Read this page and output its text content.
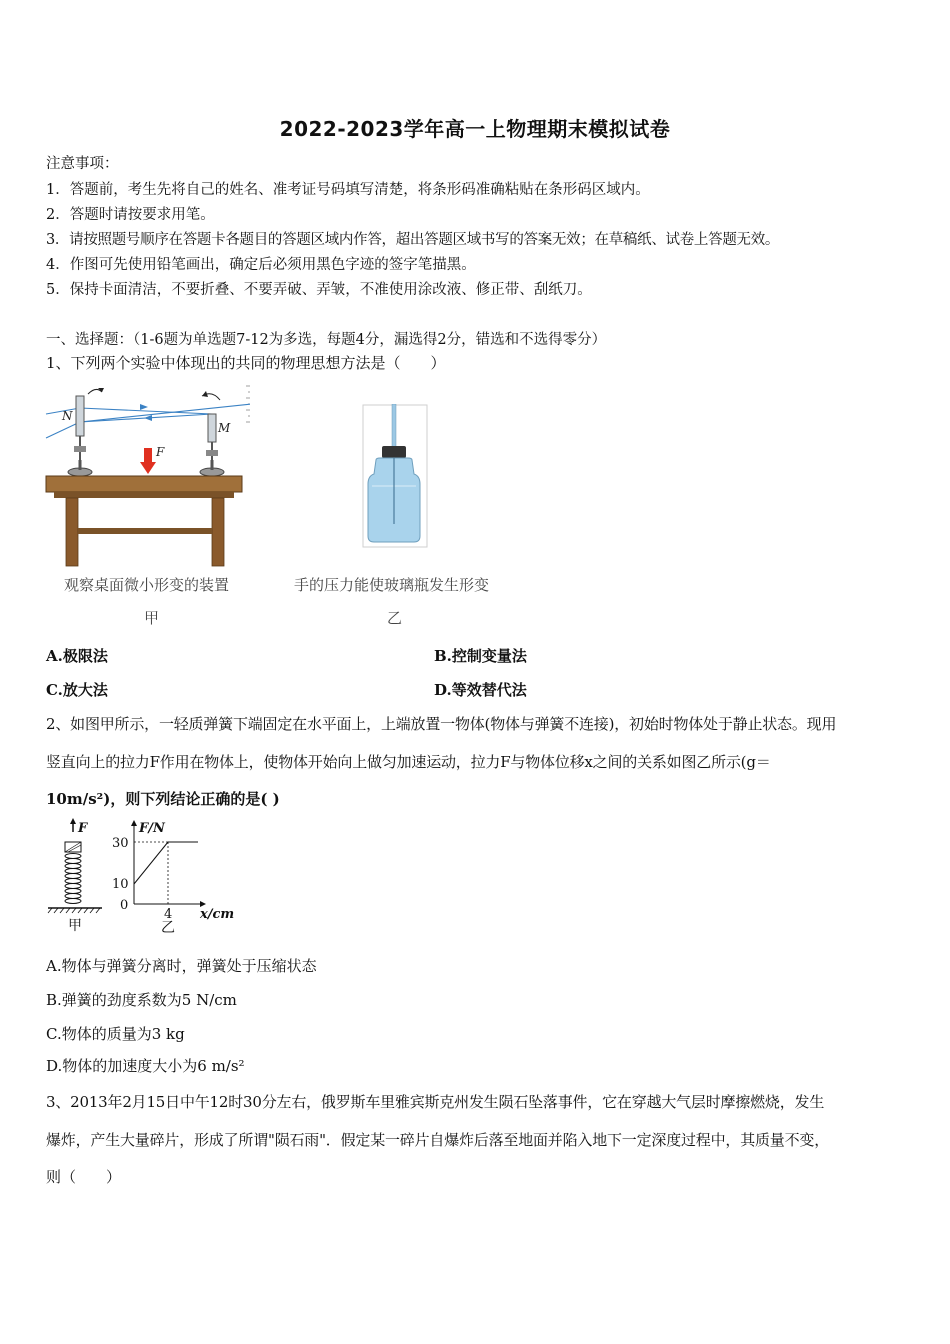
2022-2023学年高一上物理期末模拟试卷
注意事项：
1．答题前，考生先将自己的姓名、准考证号码填写清楚，将条形码准确粘贴在条形码区域内。
2．答题时请按要求用笔。
3．请按照题号顺序在答题卡各题目的答题区域内作答，超出答题区域书写的答案无效；在草稿纸、试卷上答题无效。
4．作图可先使用铅笔画出，确定后必须用黑色字迹的签字笔描黑。
5．保持卡面清洁，不要折叠、不要弄破、弄皱，不准使用涂改液、修正带、刮纸刀。
一、选择题：（1-6题为单选题7-12为多选，每题4分，漏选得2分，错选和不选得零分）
1、下列两个实验中体现出的共同的物理思想方法是（　　）
N
M
F
观察桌面微小形变的装置	手的压力能使玻璃瓶发生形变
甲	乙
A.极限法	B.控制变量法
C.放大法	D.等效替代法
2、如图甲所示，一轻质弹簧下端固定在水平面上，上端放置一物体(物体与弹簧不连接)，初始时物体处于静止状态。现用
竖直向上的拉力F作用在物体上，使物体开始向上做匀加速运动，拉力F与物体位移x之间的关系如图乙所示(g＝
10m/s²)，则下列结论正确的是( )
F
甲
F/N
30
10
0
4 x/cm
乙
A.物体与弹簧分离时，弹簧处于压缩状态
B.弹簧的劲度系数为5 N/cm
C.物体的质量为3 kg
D.物体的加速度大小为6 m/s²
3、2013年2月15日中午12时30分左右，俄罗斯车里雅宾斯克州发生陨石坠落事件，它在穿越大气层时摩擦燃烧，发生
爆炸，产生大量碎片，形成了所谓"陨石雨"．假定某一碎片自爆炸后落至地面并陷入地下一定深度过程中，其质量不变，
则（　　）
